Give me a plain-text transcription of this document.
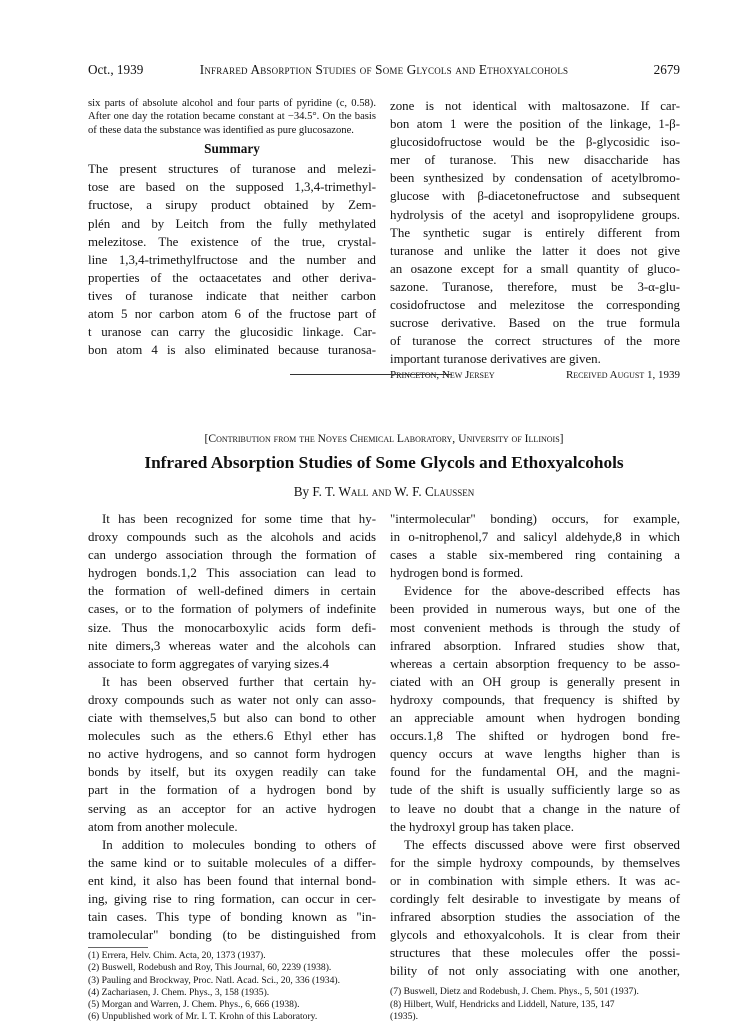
Oct., 1939	Infrared Absorption Studies of Some Glycols and Ethoxyalcohols	2679

six parts of absolute alcohol and four parts of pyridine (c, 0.58). After one day the rotation became constant at −34.5°. On the basis of these data the substance was identified as pure glucosazone.

Summary
The present structures of turanose and melezi-
tose are based on the supposed 1,3,4-trimethyl-
fructose, a sirupy product obtained by Zem-
plén and by Leitch from the fully methylated
melezitose. The existence of the true, crystal-
line 1,3,4-trimethylfructose and the number and
properties of the octaacetates and other deriva-
tives of turanose indicate that neither carbon
atom 5 nor carbon atom 6 of the fructose part of
t uranose can carry the glucosidic linkage. Car-
bon atom 4 is also eliminated because turanosa-
zone is not identical with maltosazone. If car-
bon atom 1 were the position of the linkage, 1-β-
glucosidofructose would be the β-glycosidic iso-
mer of turanose. This new disaccharide has
been synthesized by condensation of acetylbromo-
glucose with β-diacetonefructose and subsequent
hydrolysis of the acetyl and isopropylidene groups.
The synthetic sugar is entirely different from
turanose and unlike the latter it does not give
an osazone except for a small quantity of gluco-
sazone. Turanose, therefore, must be 3-α-glu-
cosidofructose and melezitose the corresponding
sucrose derivative. Based on the true formula
of turanose the correct structures of the more
important turanose derivatives are given.
Princeton, New Jersey	Received August 1, 1939
[Contribution from the Noyes Chemical Laboratory, University of Illinois]
Infrared Absorption Studies of Some Glycols and Ethoxyalcohols
By F. T. Wall and W. F. Claussen
It has been recognized for some time that hy-
droxy compounds such as the alcohols and acids
can undergo association through the formation of
hydrogen bonds.1,2 This association can lead to
the formation of well-defined dimers in certain
cases, or to the formation of polymers of indefinite
size. Thus the monocarboxylic acids form defi-
nite dimers,3 whereas water and the alcohols can
associate to form aggregates of varying sizes.4
It has been observed further that certain hy-
droxy compounds such as water not only can asso-
ciate with themselves,5 but also can bond to other
molecules such as the ethers.6 Ethyl ether has
no active hydrogens, and so cannot form hydrogen
bonds by itself, but its oxygen readily can take
part in the formation of a hydrogen bond by
serving as an acceptor for an active hydrogen
atom from another molecule.
In addition to molecules bonding to others of
the same kind or to suitable molecules of a differ-
ent kind, it also has been found that internal bond-
ing, giving rise to ring formation, can occur in cer-
tain cases. This type of bonding known as "in-
tramolecular" bonding (to be distinguished from
(1) Errera, Helv. Chim. Acta, 20, 1373 (1937).
(2) Buswell, Rodebush and Roy, This Journal, 60, 2239 (1938).
(3) Pauling and Brockway, Proc. Natl. Acad. Sci., 20, 336 (1934).
(4) Zachariasen, J. Chem. Phys., 3, 158 (1935).
(5) Morgan and Warren, J. Chem. Phys., 6, 666 (1938).
(6) Unpublished work of Mr. I. T. Krohn of this Laboratory.
"intermolecular" bonding) occurs, for example,
in o-nitrophenol,7 and salicyl aldehyde,8 in which
cases a stable six-membered ring containing a
hydrogen bond is formed.
Evidence for the above-described effects has
been provided in numerous ways, but one of the
most convenient methods is through the study of
infrared absorption. Infrared studies show that,
whereas a certain absorption frequency to be asso-
ciated with an OH group is generally present in
hydroxy compounds, that frequency is shifted by
an appreciable amount when hydrogen bonding
occurs.1,8 The shifted or hydrogen bond fre-
quency occurs at wave lengths higher than is
found for the fundamental OH, and the magni-
tude of the shift is usually sufficiently large so as
to leave no doubt that a change in the nature of
the hydroxyl group has taken place.
The effects discussed above were first observed
for the simple hydroxy compounds, by themselves
or in combination with simple ethers. It was ac-
cordingly felt desirable to investigate by means of
infrared absorption studies the association of the
glycols and ethoxyalcohols. It is clear from their
structures that these molecules offer the possi-
bility of not only associating with one another,
(7) Buswell, Dietz and Rodebush, J. Chem. Phys., 5, 501 (1937).
(8) Hilbert, Wulf, Hendricks and Liddell, Nature, 135, 147
(1935).
